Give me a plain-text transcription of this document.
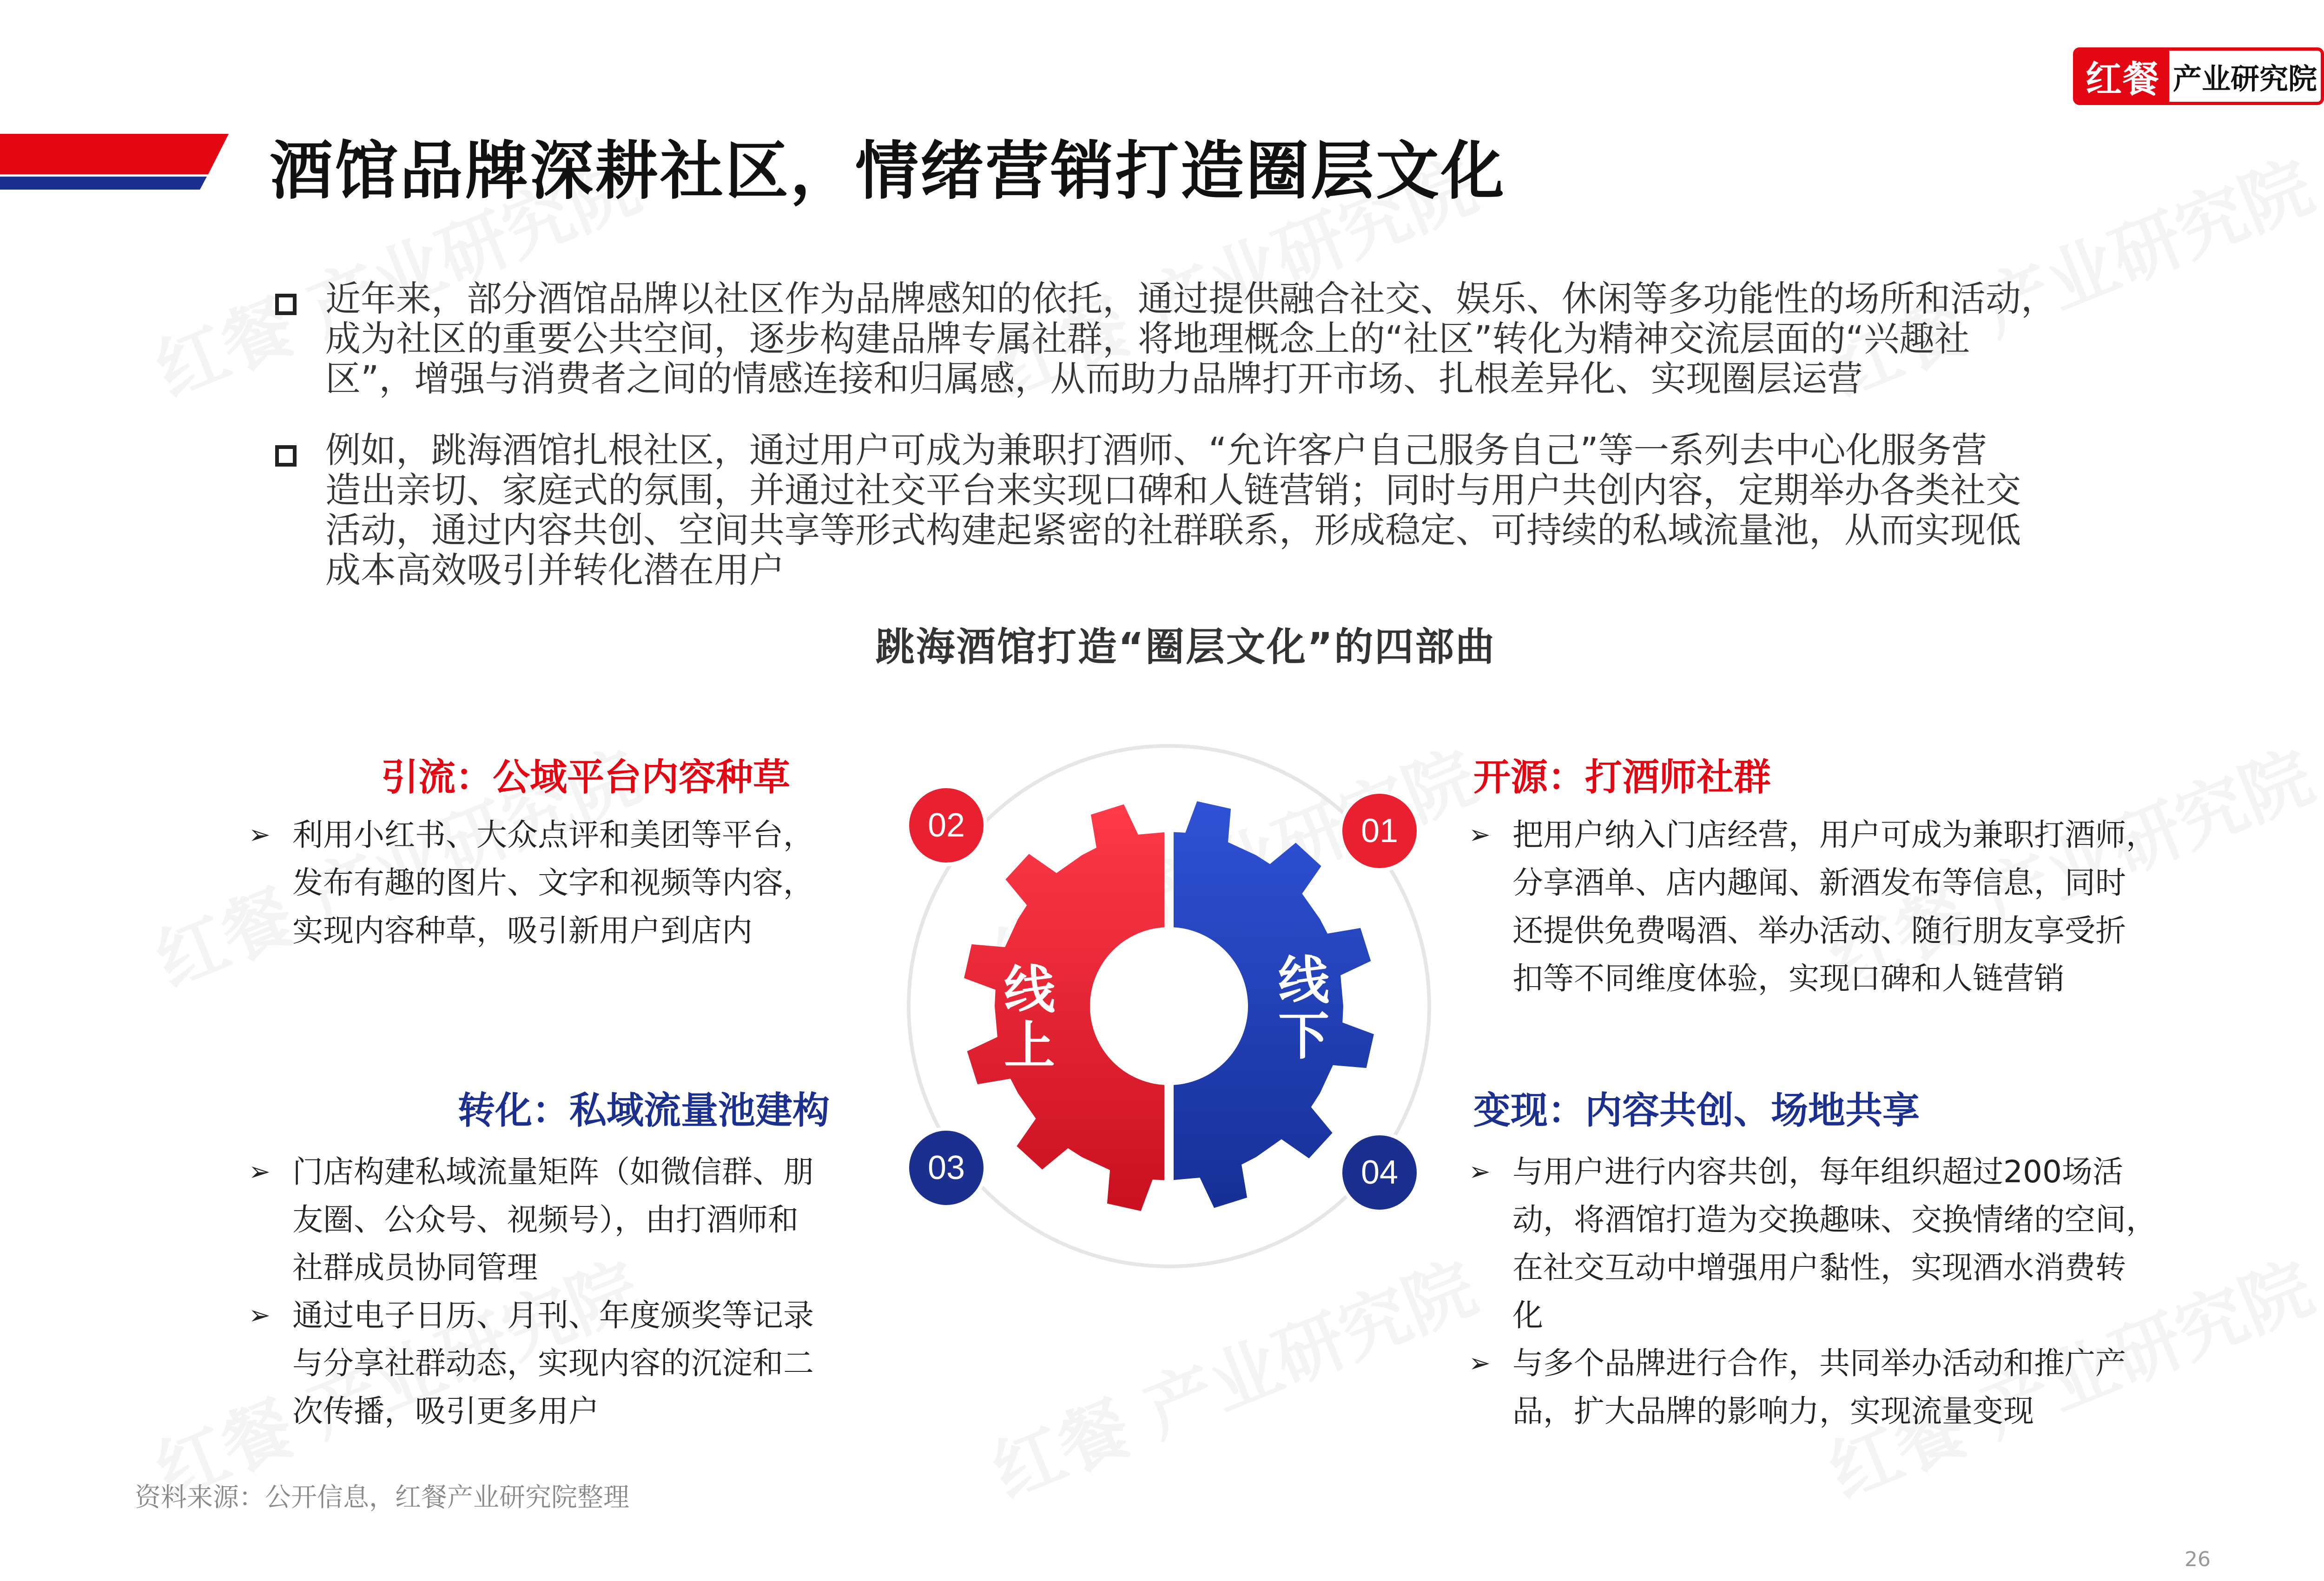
红餐 产业研究院
酒馆品牌深耕社区，情绪营销打造圈层文化
近年来，部分酒馆品牌以社区作为品牌感知的依托，通过提供融合社交、娱乐、休闲等多功能性的场所和活动，
成为社区的重要公共空间，逐步构建品牌专属社群，将地理概念上的“社区”转化为精神交流层面的“兴趣社
区”，增强与消费者之间的情感连接和归属感，从而助力品牌打开市场、扎根差异化、实现圈层运营
例如，跳海酒馆扎根社区，通过用户可成为兼职打酒师、“允许客户自己服务自己”等一系列去中心化服务营
造出亲切、家庭式的氛围，并通过社交平台来实现口碑和人链营销；同时与用户共创内容，定期举办各类社交
活动，通过内容共创、空间共享等形式构建起紧密的社群联系，形成稳定、可持续的私域流量池，从而实现低
成本高效吸引并转化潜在用户
跳海酒馆打造“圈层文化”的四部曲
线
上
线
下
02	01
03	04
引流：公域平台内容种草
➢ 利用小红书、大众点评和美团等平台，
发布有趣的图片、文字和视频等内容，
实现内容种草，吸引新用户到店内
开源：打酒师社群
➢ 把用户纳入门店经营，用户可成为兼职打酒师，
分享酒单、店内趣闻、新酒发布等信息，同时
还提供免费喝酒、举办活动、随行朋友享受折
扣等不同维度体验，实现口碑和人链营销
转化：私域流量池建构
➢ 门店构建私域流量矩阵（如微信群、朋
友圈、公众号、视频号），由打酒师和
社群成员协同管理
➢ 通过电子日历、月刊、年度颁奖等记录
与分享社群动态，实现内容的沉淀和二
次传播，吸引更多用户
变现：内容共创、场地共享
➢ 与用户进行内容共创，每年组织超过200场活
动，将酒馆打造为交换趣味、交换情绪的空间，
在社交互动中增强用户黏性，实现酒水消费转
化
➢ 与多个品牌进行合作，共同举办活动和推广产
品，扩大品牌的影响力，实现流量变现
资料来源：公开信息，红餐产业研究院整理
26
